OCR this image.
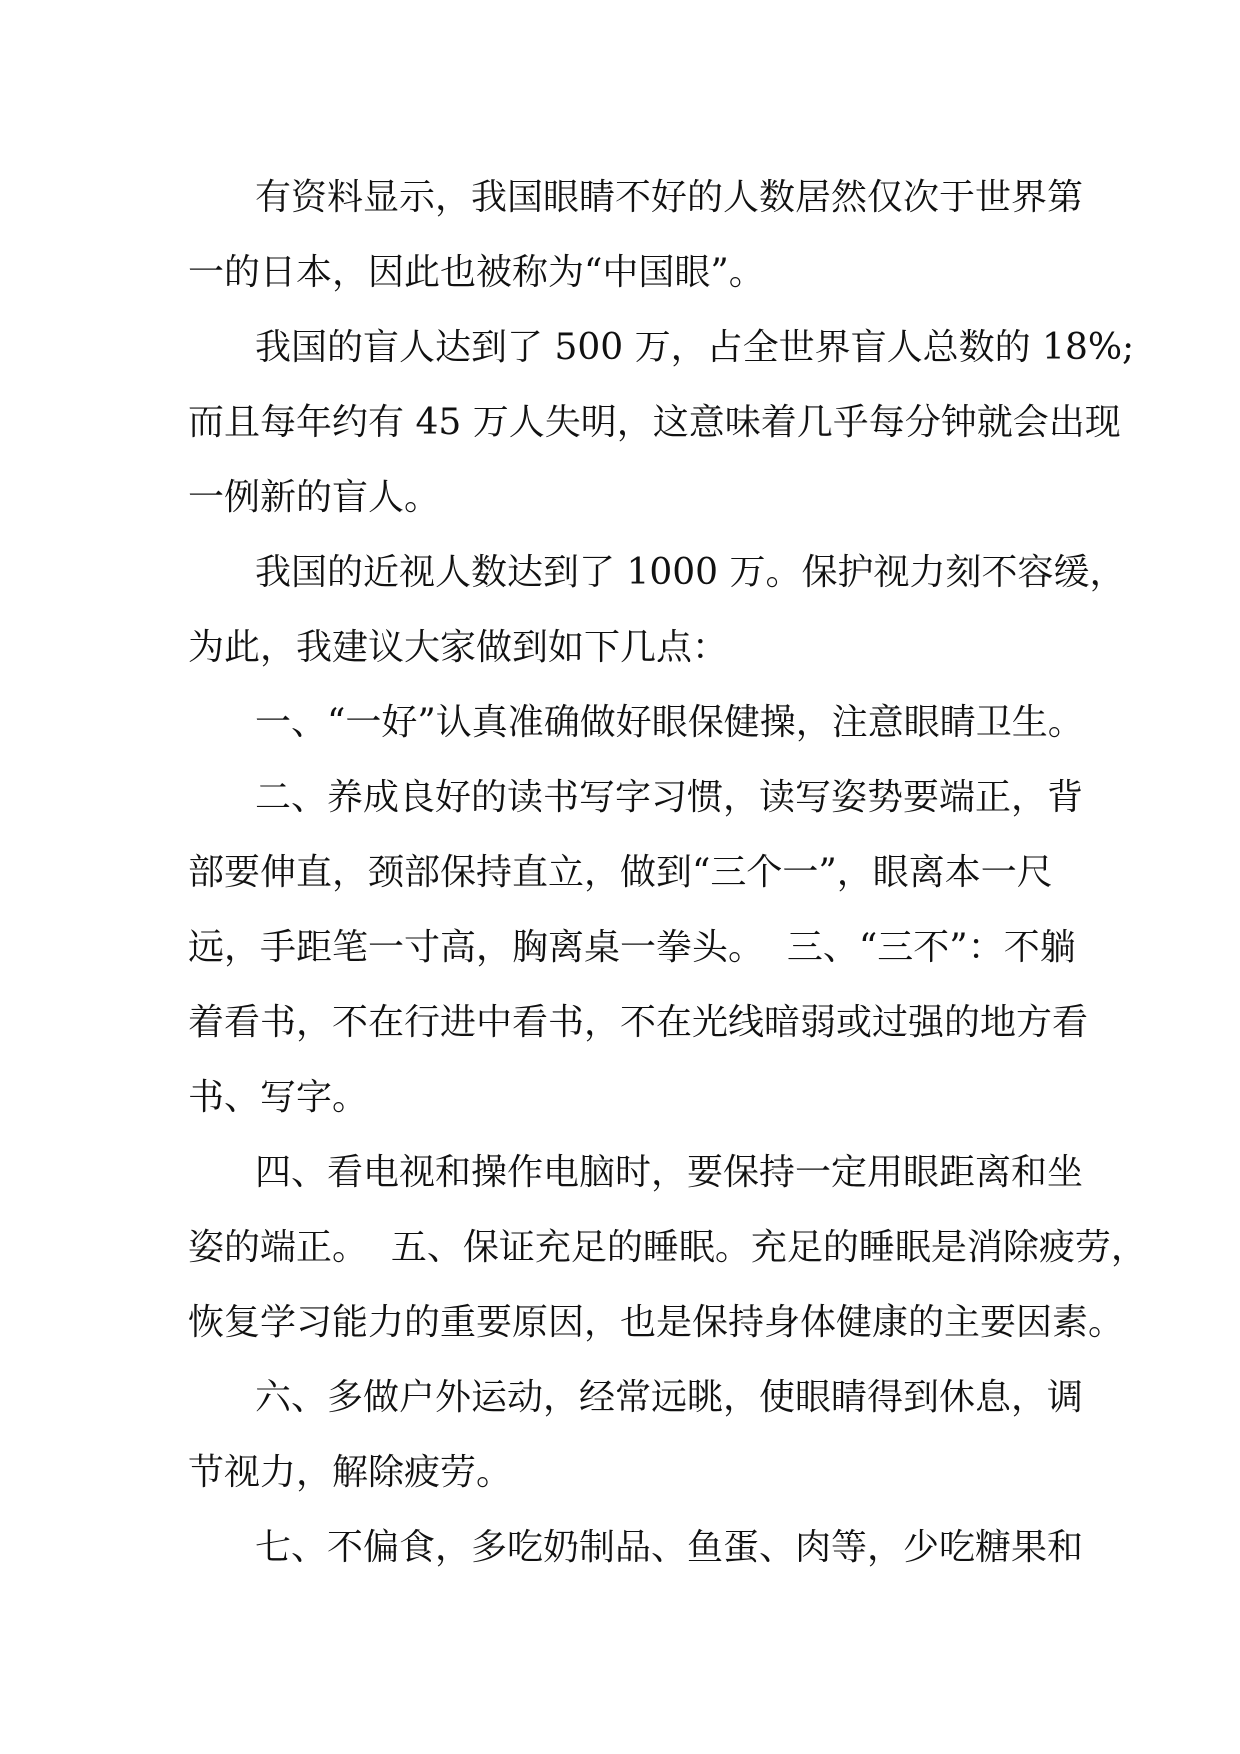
有资料显示，我国眼睛不好的人数居然仅次于世界第
一的日本，因此也被称为“中国眼”。
我国的盲人达到了 500 万，占全世界盲人总数的 18%;
而且每年约有 45 万人失明，这意味着几乎每分钟就会出现
一例新的盲人。
我国的近视人数达到了 1000 万。保护视力刻不容缓，
为此，我建议大家做到如下几点：
一、“一好”认真准确做好眼保健操，注意眼睛卫生。
二、养成良好的读书写字习惯，读写姿势要端正，背
部要伸直，颈部保持直立，做到“三个一”，眼离本一尺
远，手距笔一寸高，胸离桌一拳头。  三、“三不”：不躺
着看书，不在行进中看书，不在光线暗弱或过强的地方看
书、写字。
四、看电视和操作电脑时，要保持一定用眼距离和坐
姿的端正。  五、保证充足的睡眠。充足的睡眠是消除疲劳，
恢复学习能力的重要原因，也是保持身体健康的主要因素。
六、多做户外运动，经常远眺，使眼睛得到休息，调
节视力，解除疲劳。
七、不偏食，多吃奶制品、鱼蛋、肉等，少吃糖果和
